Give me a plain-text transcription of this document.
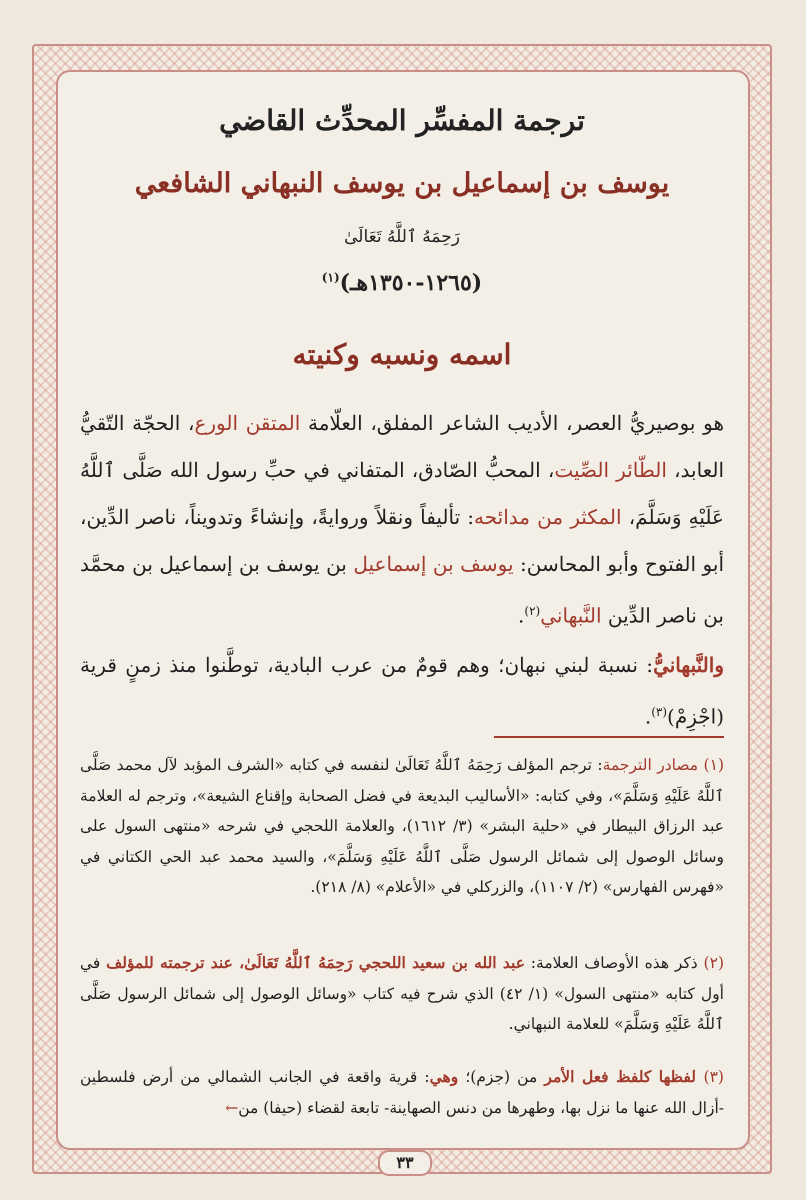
ترجمة المفسِّر المحدِّث القاضي
يوسف بن إسماعيل بن يوسف النبهاني الشافعي
رَحِمَهُ ٱللَّهُ تَعَالَىٰ
(١٢٦٥-١٣٥٠هـ)$^{(١)}$
اسمه ونسبه وكنيته
هو بوصيريُّ العصر، الأديب الشاعر المفلق، العلّامة المتقن الورع، الحجّة التّقيُّ العابد، الطّائر الصِّيت، المحبُّ الصّادق، المتفاني في حبِّ رسول الله صَلَّى ٱللَّهُ عَلَيْهِ وَسَلَّمَ، المكثر من مدائحه: تأليفاً ونقلاً وروايةً، وإنشاءً وتدويناً، ناصر الدِّين، أبو الفتوح وأبو المحاسن: يوسف بن إسماعيل بن يوسف بن إسماعيل بن محمَّد بن ناصر الدِّين النَّبهاني$^{(٢)}$.
والنَّبهانيُّ: نسبة لبني نبهان؛ وهم قومٌ من عرب البادية، توطَّنوا منذ زمنٍ قرية (اجْزِمْ)$^{(٣)}$.
(١) مصادر الترجمة: ترجم المؤلف رَحِمَهُ ٱللَّهُ تَعَالَىٰ لنفسه في كتابه «الشرف المؤبد لآل محمد صَلَّى ٱللَّهُ عَلَيْهِ وَسَلَّمَ»، وفي كتابه: «الأساليب البديعة في فضل الصحابة وإقناع الشيعة»، وترجم له العلامة عبد الرزاق البيطار في «حلية البشر» (٣/ ١٦١٢)، والعلامة اللحجي في شرحه «منتهى السول على وسائل الوصول إلى شمائل الرسول صَلَّى ٱللَّهُ عَلَيْهِ وَسَلَّمَ»، والسيد محمد عبد الحي الكتاني في «فهرس الفهارس» (٢/ ١١٠٧)، والزركلي في «الأعلام» (٨/ ٢١٨).
(٢) ذكر هذه الأوصاف العلامة: عبد الله بن سعيد اللحجي رَحِمَهُ ٱللَّهُ تَعَالَىٰ، عند ترجمته للمؤلف في أول كتابه «منتهى السول» (١/ ٤٢) الذي شرح فيه كتاب «وسائل الوصول إلى شمائل الرسول صَلَّى ٱللَّهُ عَلَيْهِ وَسَلَّمَ» للعلامة النبهاني.
(٣) لفظها كلفظ فعل الأمر من (جزم)؛ وهي: قرية واقعة في الجانب الشمالي من أرض فلسطين -أزال الله عنها ما نزل بها، وطهرها من دنس الصهاينة- تابعة لقضاء (حيفا) من←
٣٣
